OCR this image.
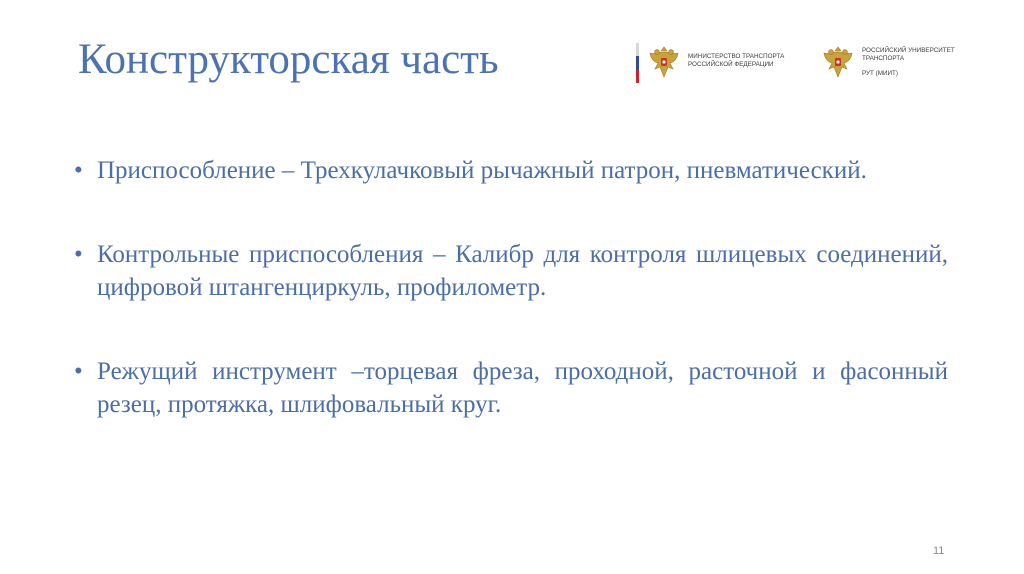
Конструкторская часть	МИНИСТЕРСТВО ТРАНСПОРТА
РОССИЙСКОЙ ФЕДЕРАЦИИ
РОССИЙСКИЙ УНИВЕРСИТЕТ
ТРАНСПОРТА
РУТ (МИИТ)
• Приспособление – Трехкулачковый рычажный патрон, пневматический.
• Контрольные приспособления – Калибр для контроля шлицевых соединений, цифровой штангенциркуль, профилометр.
• Режущий инструмент –торцевая фреза, проходной, расточной и фасонный резец, протяжка, шлифовальный круг.
11
